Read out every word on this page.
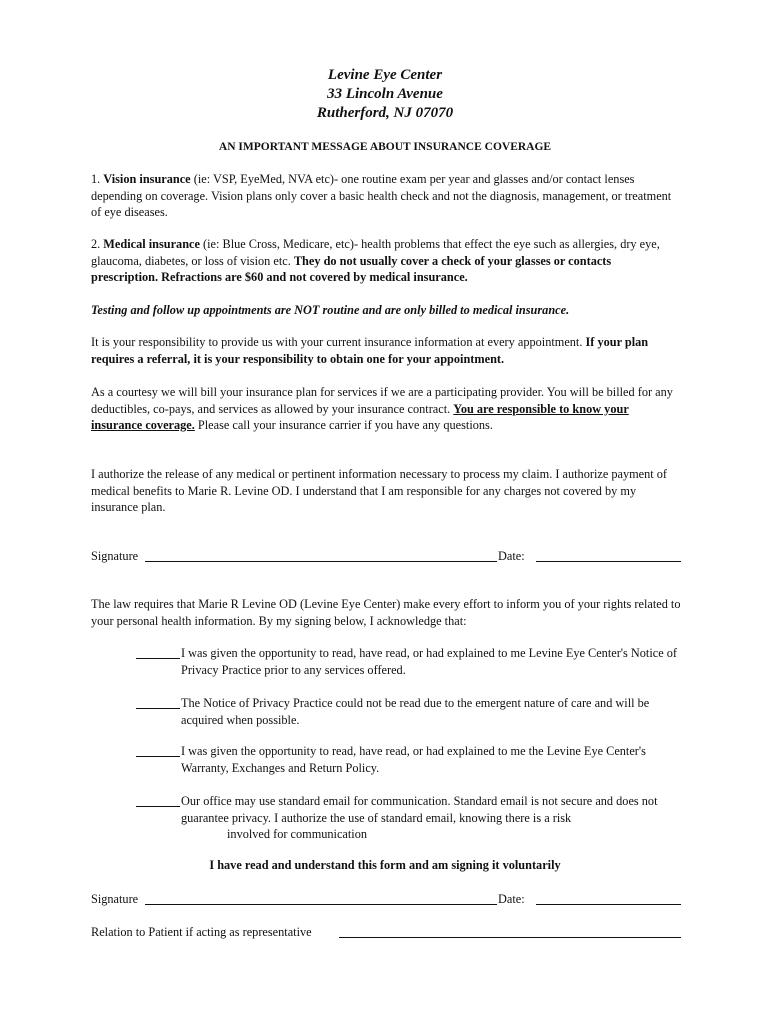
Levine Eye Center
33 Lincoln Avenue
Rutherford, NJ 07070
AN IMPORTANT MESSAGE ABOUT INSURANCE COVERAGE

1. Vision insurance (ie: VSP, EyeMed, NVA etc)- one routine exam per year and glasses and/or contact lenses depending on coverage. Vision plans only cover a basic health check and not the diagnosis, management, or treatment of eye diseases.

2. Medical insurance (ie: Blue Cross, Medicare, etc)- health problems that effect the eye such as allergies, dry eye, glaucoma, diabetes, or loss of vision etc. They do not usually cover a check of your glasses or contacts prescription. Refractions are $60 and not covered by medical insurance.

Testing and follow up appointments are NOT routine and are only billed to medical insurance.

It is your responsibility to provide us with your current insurance information at every appointment. If your plan requires a referral, it is your responsibility to obtain one for your appointment.

As a courtesy we will bill your insurance plan for services if we are a participating provider. You will be billed for any deductibles, co-pays, and services as allowed by your insurance contract. You are responsible to know your insurance coverage. Please call your insurance carrier if you have any questions.

I authorize the release of any medical or pertinent information necessary to process my claim. I authorize payment of medical benefits to Marie R. Levine OD. I understand that I am responsible for any charges not covered by my insurance plan.

Signature	Date:

The law requires that Marie R Levine OD (Levine Eye Center) make every effort to inform you of your rights related to your personal health information. By my signing below, I acknowledge that:

I was given the opportunity to read, have read, or had explained to me Levine Eye Center's Notice of Privacy Practice prior to any services offered.

The Notice of Privacy Practice could not be read due to the emergent nature of care and will be acquired when possible.

I was given the opportunity to read, have read, or had explained to me the Levine Eye Center's Warranty, Exchanges and Return Policy.

Our office may use standard email for communication. Standard email is not secure and does not guarantee privacy. I authorize the use of standard email, knowing there is a risk

involved for communication
I have read and understand this form and am signing it voluntarily
Signature	Date:
Relation to Patient if acting as representative
